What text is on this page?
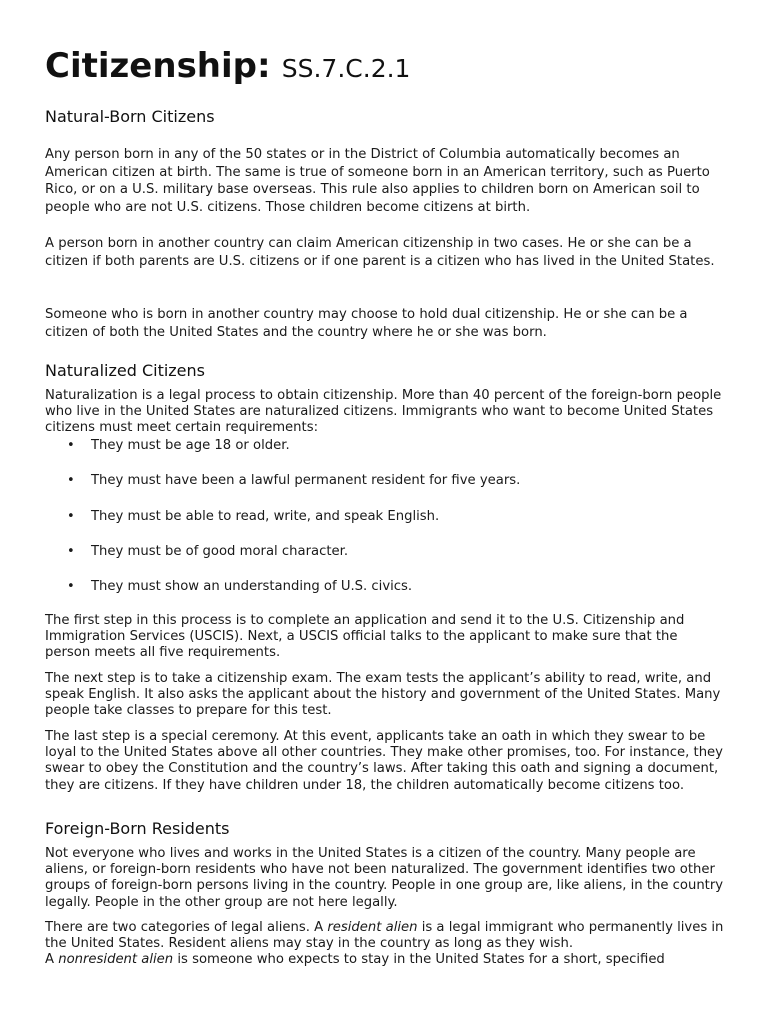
Citizenship: SS.7.C.2.1
Natural-Born Citizens

Any person born in any of the 50 states or in the District of Columbia automatically becomes an American citizen at birth. The same is true of someone born in an American territory, such as Puerto Rico, or on a U.S. military base overseas. This rule also applies to children born on American soil to people who are not U.S. citizens. Those children become citizens at birth.

A person born in another country can claim American citizenship in two cases. He or she can be a citizen if both parents are U.S. citizens or if one parent is a citizen who has lived in the United States.

Someone who is born in another country may choose to hold dual citizenship. He or she can be a citizen of both the United States and the country where he or she was born.

Naturalized Citizens

Naturalization is a legal process to obtain citizenship. More than 40 percent of the foreign-born people who live in the United States are naturalized citizens. Immigrants who want to become United States citizens must meet certain requirements:

• They must be age 18 or older.
• They must have been a lawful permanent resident for five years.
• They must be able to read, write, and speak English.
• They must be of good moral character.
• They must show an understanding of U.S. civics.

The first step in this process is to complete an application and send it to the U.S. Citizenship and Immigration Services (USCIS). Next, a USCIS official talks to the applicant to make sure that the person meets all five requirements.

The next step is to take a citizenship exam. The exam tests the applicant’s ability to read, write, and speak English. It also asks the applicant about the history and government of the United States. Many people take classes to prepare for this test.

The last step is a special ceremony. At this event, applicants take an oath in which they swear to be loyal to the United States above all other countries. They make other promises, too. For instance, they swear to obey the Constitution and the country’s laws. After taking this oath and signing a document, they are citizens. If they have children under 18, the children automatically become citizens too.

Foreign-Born Residents

Not everyone who lives and works in the United States is a citizen of the country. Many people are aliens, or foreign-born residents who have not been naturalized. The government identifies two other groups of foreign-born persons living in the country. People in one group are, like aliens, in the country legally. People in the other group are not here legally.

There are two categories of legal aliens. A resident alien is a legal immigrant who permanently lives in the United States. Resident aliens may stay in the country as long as they wish.
A nonresident alien is someone who expects to stay in the United States for a short, specified
